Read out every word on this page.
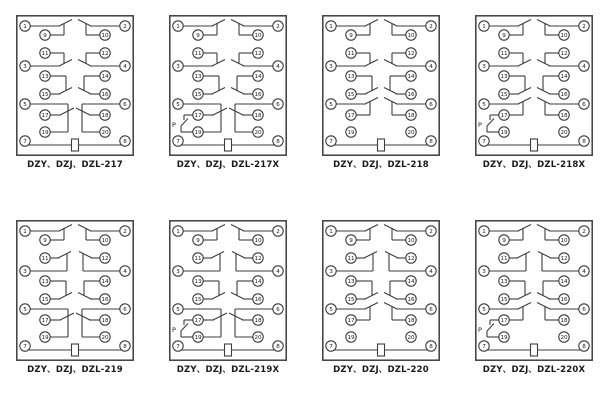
1
3
5
7
2
4
6
8
9
11
13
15
17
19
10
12
14
16
18
20
DZY、DZJ、DZL-217
P
1
3
5
7
2
4
6
8
9
11
13
15
17
19
10
12
14
16
18
20
DZY、DZJ、DZL-217X
1
3
5
7
2
4
6
8
9
11
13
15
17
19
10
12
14
16
18
20
DZY、DZJ、DZL-218
P
1
3
5
7
2
4
6
8
9
11
13
15
17
19
10
12
14
16
18
20
DZY、DZJ、DZL-218X
1
3
5
7
2
4
6
8
9
11
13
15
17
19
10
12
14
16
18
20
DZY、DZJ、DZL-219
P
1
3
5
7
2
4
6
8
9
11
13
15
17
19
10
12
14
16
18
20
DZY、DZJ、DZL-219X
1
3
5
7
2
4
6
8
9
11
13
15
17
19
10
12
14
16
18
20
DZY、DZJ、DZL-220
P
1
3
5
7
2
4
6
8
9
11
13
15
17
19
10
12
14
16
18
20
DZY、DZJ、DZL-220X
